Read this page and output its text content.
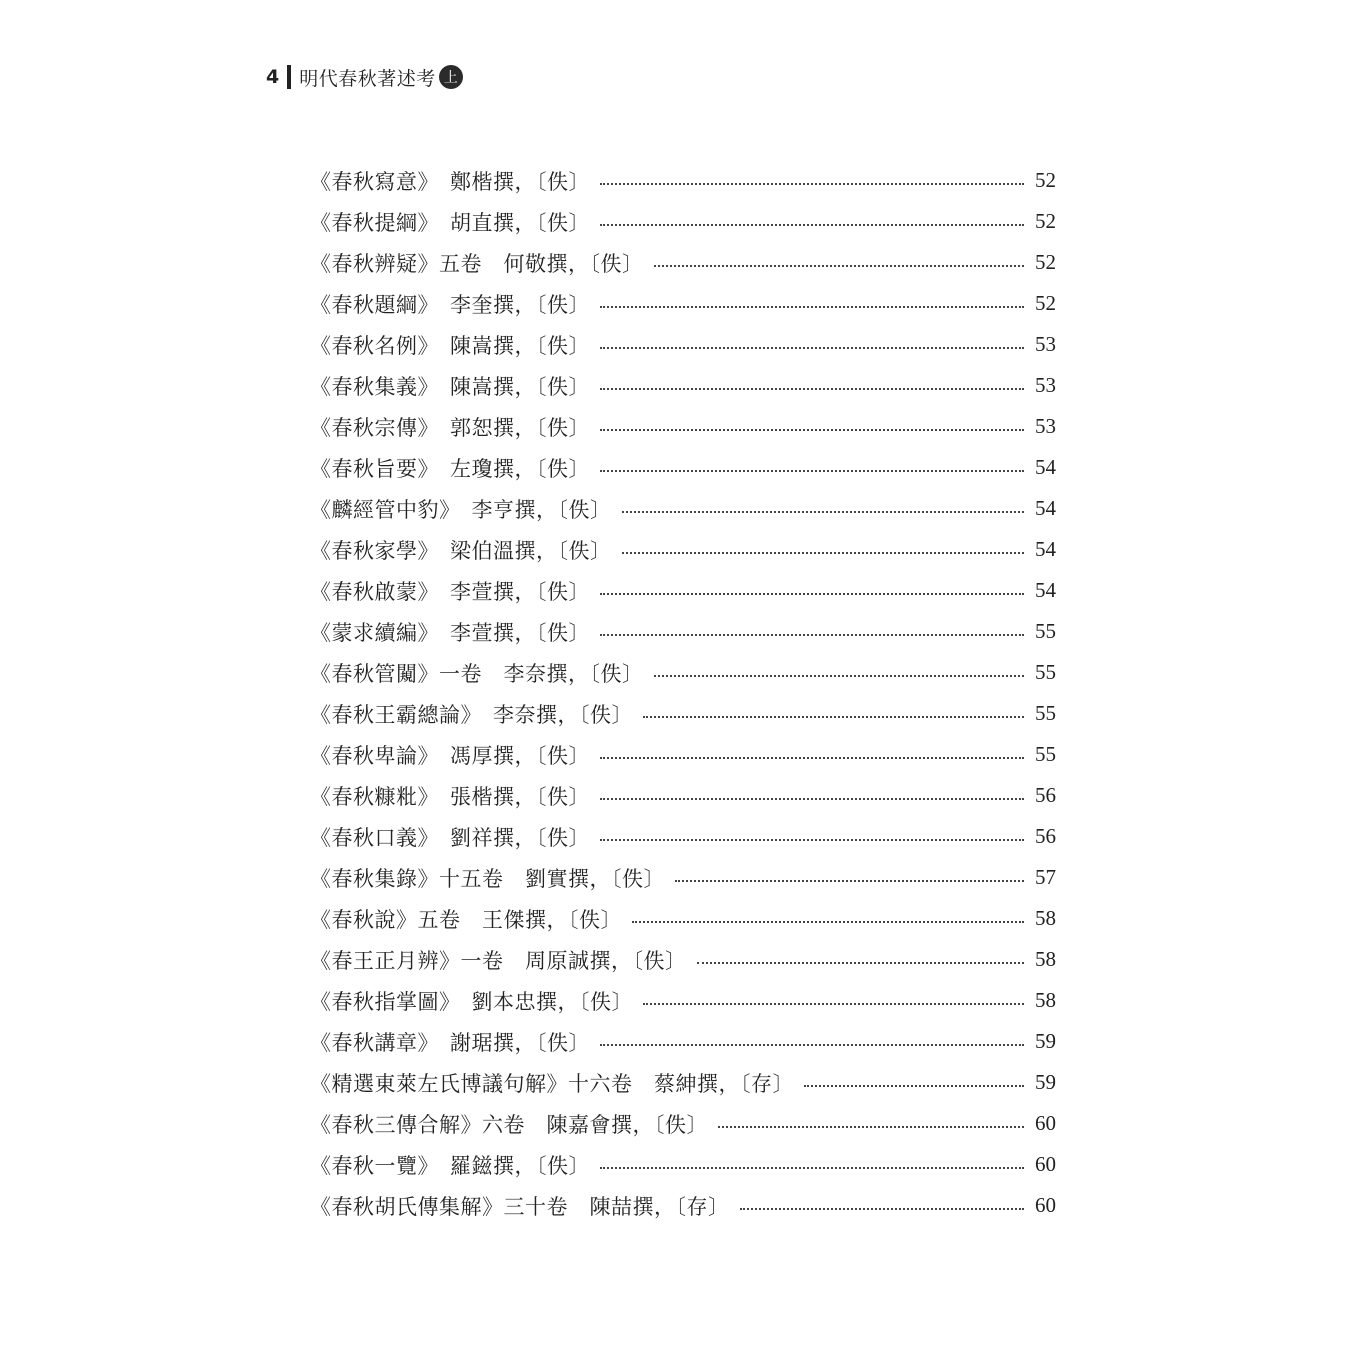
4 明代春秋著述考 上
《春秋寫意》　鄭楷撰，〔佚〕	52
《春秋提綱》　胡直撰，〔佚〕	52
《春秋辨疑》五卷　何敬撰，〔佚〕	52
《春秋題綱》　李奎撰，〔佚〕	52
《春秋名例》　陳嵩撰，〔佚〕	53
《春秋集義》　陳嵩撰，〔佚〕	53
《春秋宗傳》　郭恕撰，〔佚〕	53
《春秋旨要》　左瓊撰，〔佚〕	54
《麟經管中豹》　李亨撰，〔佚〕	54
《春秋家學》　梁伯溫撰，〔佚〕	54
《春秋啟蒙》　李萱撰，〔佚〕	54
《蒙求續編》　李萱撰，〔佚〕	55
《春秋管闚》一卷　李奈撰，〔佚〕	55
《春秋王霸總論》　李奈撰，〔佚〕	55
《春秋卑論》　馮厚撰，〔佚〕	55
《春秋糠粃》　張楷撰，〔佚〕	56
《春秋口義》　劉祥撰，〔佚〕	56
《春秋集錄》十五卷　劉實撰，〔佚〕	57
《春秋說》五卷　王傑撰，〔佚〕	58
《春王正月辨》一卷　周原誠撰，〔佚〕	58
《春秋指掌圖》　劉本忠撰，〔佚〕	58
《春秋講章》　謝琚撰，〔佚〕	59
《精選東萊左氏博議句解》十六卷　蔡紳撰，〔存〕	59
《春秋三傳合解》六卷　陳嘉會撰，〔佚〕	60
《春秋一覽》　羅鎡撰，〔佚〕	60
《春秋胡氏傳集解》三十卷　陳喆撰，〔存〕	60
